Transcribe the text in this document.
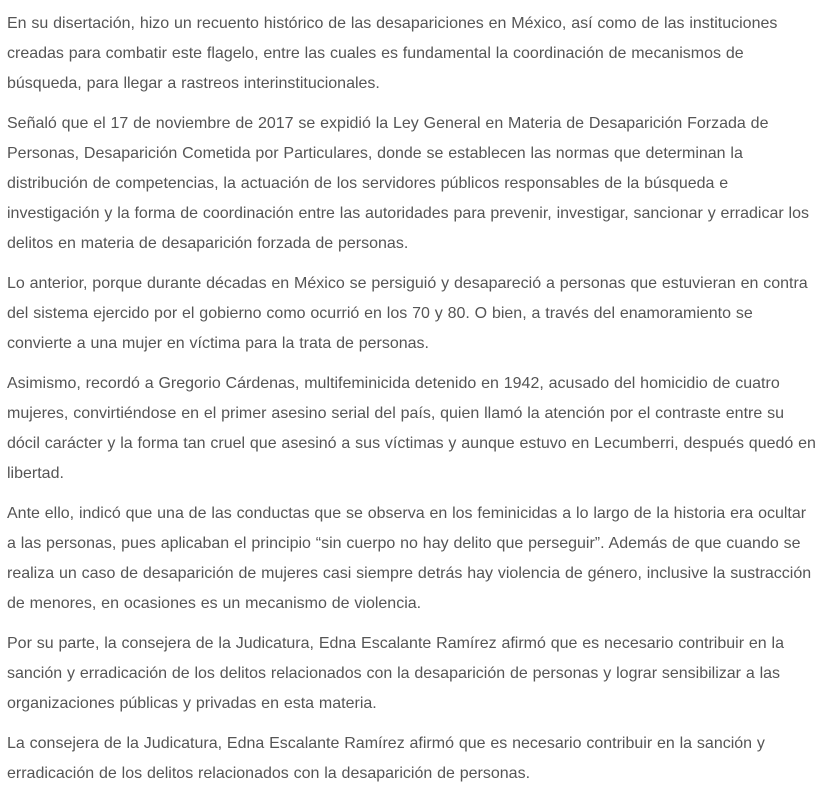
En su disertación, hizo un recuento histórico de las desapariciones en México, así como de las instituciones creadas para combatir este flagelo, entre las cuales es fundamental la coordinación de mecanismos de búsqueda, para llegar a rastreos interinstitucionales.

Señaló que el 17 de noviembre de 2017 se expidió la Ley General en Materia de Desaparición Forzada de Personas, Desaparición Cometida por Particulares, donde se establecen las normas que determinan la distribución de competencias, la actuación de los servidores públicos responsables de la búsqueda e investigación y la forma de coordinación entre las autoridades para prevenir, investigar, sancionar y erradicar los delitos en materia de desaparición forzada de personas.

Lo anterior, porque durante décadas en México se persiguió y desapareció a personas que estuvieran en contra del sistema ejercido por el gobierno como ocurrió en los 70 y 80. O bien, a través del enamoramiento se convierte a una mujer en víctima para la trata de personas.

Asimismo, recordó a Gregorio Cárdenas, multifeminicida detenido en 1942, acusado del homicidio de cuatro mujeres, convirtiéndose en el primer asesino serial del país, quien llamó la atención por el contraste entre su dócil carácter y la forma tan cruel que asesinó a sus víctimas y aunque estuvo en Lecumberri, después quedó en libertad.

Ante ello, indicó que una de las conductas que se observa en los feminicidas a lo largo de la historia era ocultar a las personas, pues aplicaban el principio “sin cuerpo no hay delito que perseguir”. Además de que cuando se realiza un caso de desaparición de mujeres casi siempre detrás hay violencia de género, inclusive la sustracción de menores, en ocasiones es un mecanismo de violencia.

Por su parte, la consejera de la Judicatura, Edna Escalante Ramírez afirmó que es necesario contribuir en la sanción y erradicación de los delitos relacionados con la desaparición de personas y lograr sensibilizar a las organizaciones públicas y privadas en esta materia.

La consejera de la Judicatura, Edna Escalante Ramírez afirmó que es necesario contribuir en la sanción y erradicación de los delitos relacionados con la desaparición de personas.
